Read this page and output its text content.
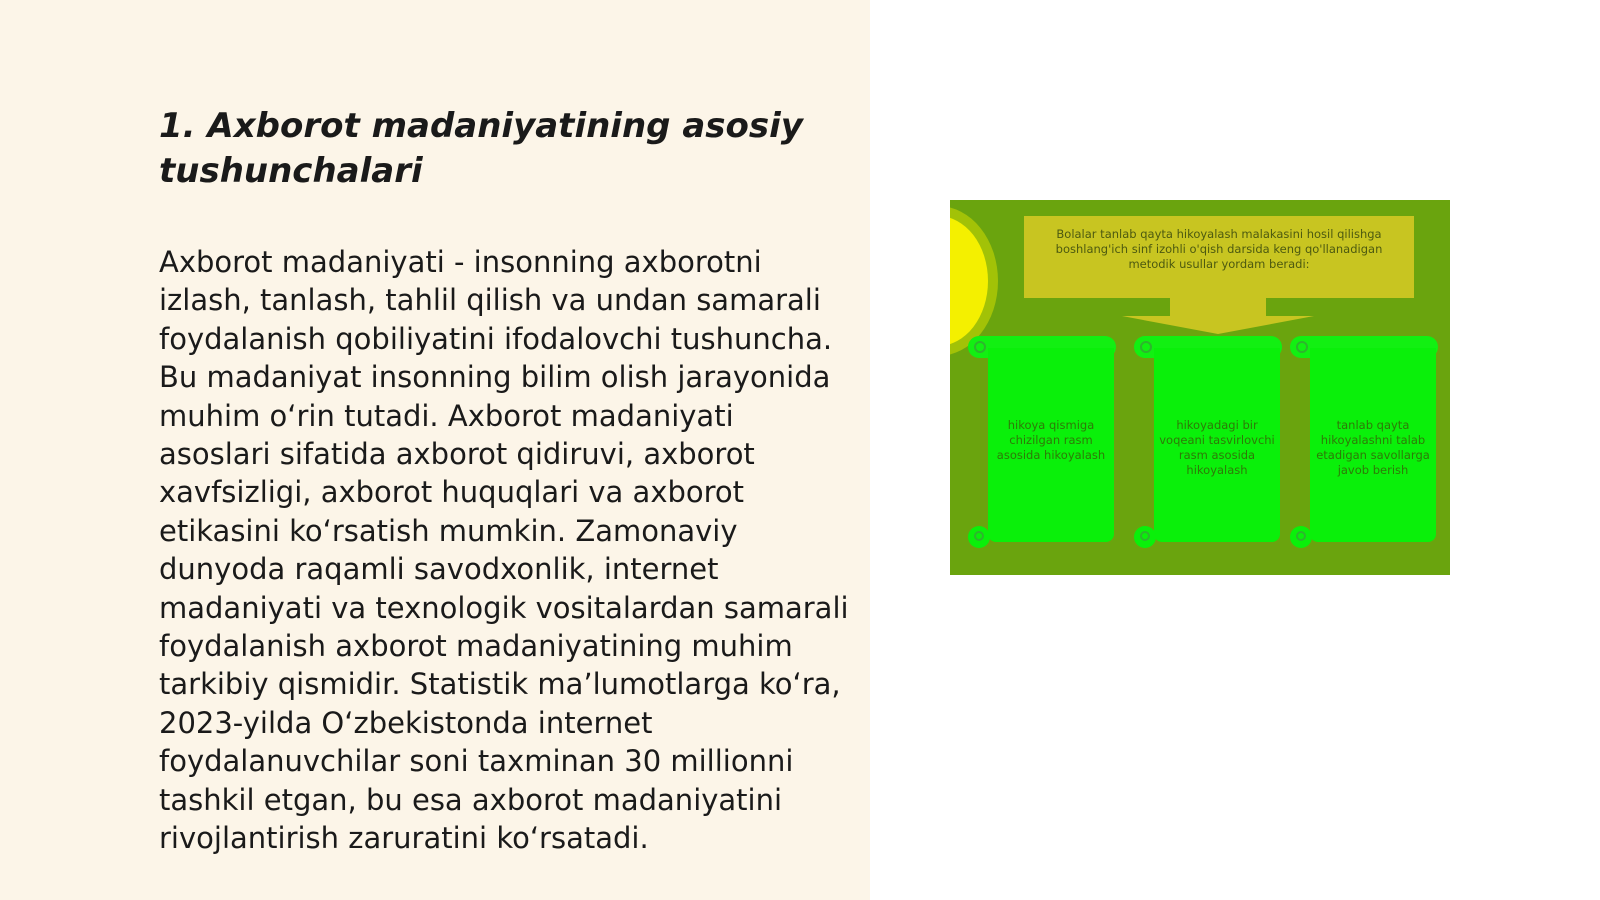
1. Axborot madaniyatining asosiy tushunchalari

Axborot madaniyati - insonning axborotni izlash, tanlash, tahlil qilish va undan samarali foydalanish qobiliyatini ifodalovchi tushuncha. Bu madaniyat insonning bilim olish jarayonida muhim oʻrin tutadi. Axborot madaniyati asoslari sifatida axborot qidiruvi, axborot xavfsizligi, axborot huquqlari va axborot etikasini koʻrsatish mumkin. Zamonaviy dunyoda raqamli savodxonlik, internet madaniyati va texnologik vositalardan samarali foydalanish axborot madaniyatining muhim tarkibiy qismidir. Statistik maʼlumotlarga koʻra, 2023-yilda Oʻzbekistonda internet foydalanuvchilar soni taxminan 30 millionni tashkil etgan, bu esa axborot madaniyatini rivojlantirish zaruratini koʻrsatadi.

Bolalar tanlab qayta hikoyalash malakasini hosil qilishga boshlang'ich sinf izohli o'qish darsida keng qo'llanadigan metodik usullar yordam beradi:
hikoya qismiga chizilgan rasm asosida hikoyalash
hikoyadagi bir voqeani tasvirlovchi rasm asosida hikoyalash
tanlab qayta hikoyalashni talab etadigan savollarga javob berish
